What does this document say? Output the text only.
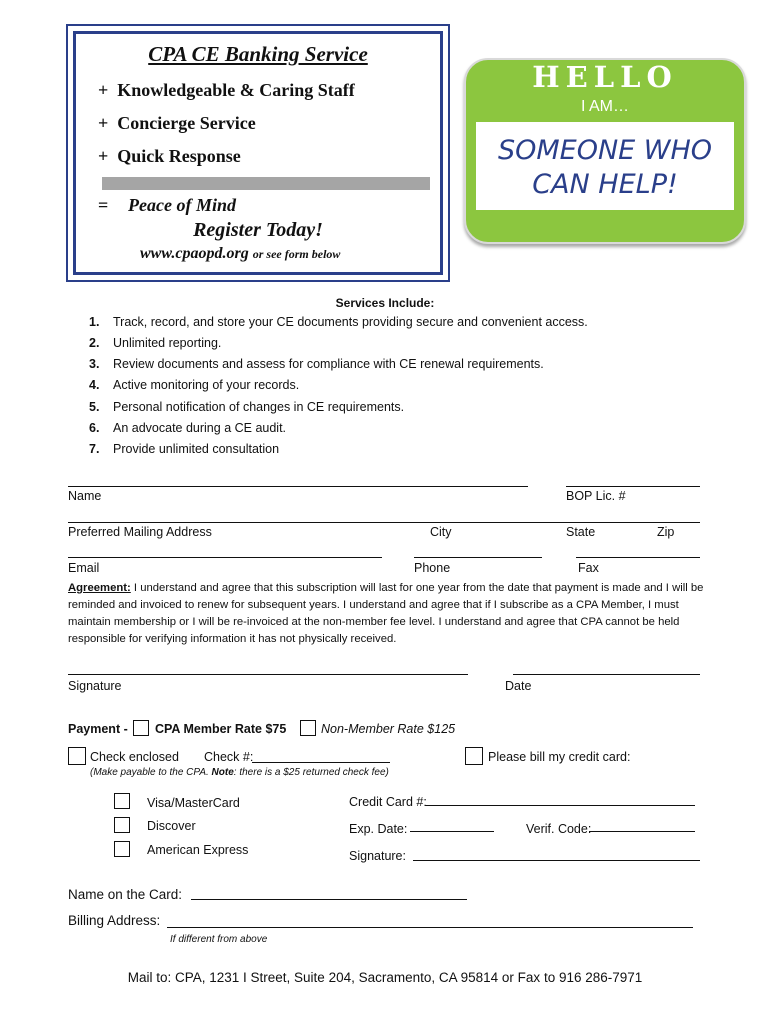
CPA CE Banking Service
+ Knowledgeable & Caring Staff
+ Concierge Service
+ Quick Response
= Peace of Mind
Register Today!
www.cpaopd.org or see form below
HELLO
I AM…
SOMEONE WHO
CAN HELP!
Services Include:
1. Track, record, and store your CE documents providing secure and convenient access.
2. Unlimited reporting.
3. Review documents and assess for compliance with CE renewal requirements.
4. Active monitoring of your records.
5. Personal notification of changes in CE requirements.
6. An advocate during a CE audit.
7. Provide unlimited consultation
Name	BOP Lic. #
Preferred Mailing Address	City	State	Zip
Email	Phone	Fax
Agreement: I understand and agree that this subscription will last for one year from the date that payment is made and I will be reminded and invoiced to renew for subsequent years. I understand and agree that if I subscribe as a CPA Member, I must maintain membership or I will be re-invoiced at the non-member fee level. I understand and agree that CPA cannot be held responsible for verifying information it has not physically received.
Signature	Date
Payment - CPA Member Rate $75	Non-Member Rate $125
Check enclosed Check #:	Please bill my credit card:
(Make payable to the CPA. Note: there is a $25 returned check fee)
Visa/MasterCard
Discover
American Express
Credit Card #:
Exp. Date:	Verif. Code:
Signature:
Name on the Card:
Billing Address:
If different from above
Mail to: CPA, 1231 I Street, Suite 204, Sacramento, CA 95814 or Fax to 916 286-7971
